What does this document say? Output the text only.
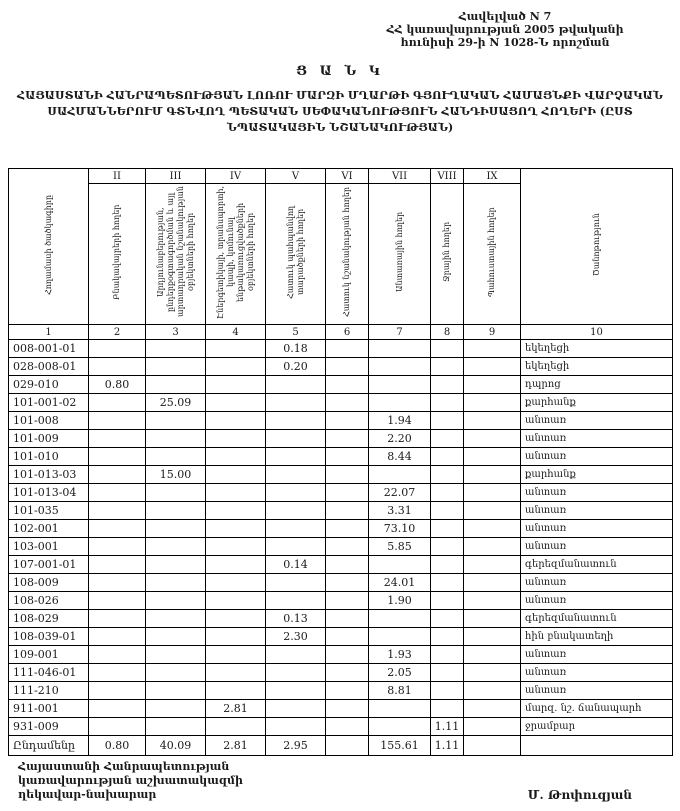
Հավելված N 7
ՀՀ կառավարության 2005 թվականի
հունիսի 29-ի N 1028-Ն որոշման
Ց Ա Ն Կ
ՀԱՅԱՍՏԱՆԻ ՀԱՆՐԱՊԵՏՈՒԹՅԱՆ ԼՈՌՈՒ ՄԱՐԶԻ ՄՂԱՐԹԻ ԳՅՈՒՂԱԿԱՆ ՀԱՄԱՅՆՔԻ ՎԱՐՉԱԿԱՆ
ՍԱՀՄԱՆՆԵՐՈՒՄ ԳՏՆՎՈՂ ՊԵՏԱԿԱՆ ՍԵՓԱԿԱՆՈՒԹՅՈՒՆ ՀԱՆԴԻՍԱՑՈՂ ՀՈՂԵՐԻ (ԸՍՏ
ՆՊԱՏԱԿԱՅԻՆ ՆՇԱՆԱԿՈՒԹՅԱՆ)
Հողամասի ծածկագիրը	II	III	IV	V	VI	VII	VIII	IX	Ծանոթություն
	Բնակավայրերի հողեր	Արդյունաբերության, ընդերքօգտագործման և այլ արտադրական նշանակության օբյեկտների հողեր	Էներգետիկայի, տրանսպորտի, կապի, կոմունալ ենթակառուցվածքների օբյեկտների հողեր	Հատուկ պահպանվող տարածքների հողեր	Հատուկ նշանակության հողեր	Անտառային հողեր	Ջրային հողեր	Պահուստային հողեր	
1	2	3	4	5	6	7	8	9	10
008-001-01				0.18					եկեղեցի
028-008-01				0.20					եկեղեցի
029-010	0.80								դպրոց
101-001-02		25.09							քարհանք
101-008						1.94			անտառ
101-009						2.20			անտառ
101-010						8.44			անտառ
101-013-03		15.00							քարհանք
101-013-04						22.07			անտառ
101-035						3.31			անտառ
102-001						73.10			անտառ
103-001						5.85			անտառ
107-001-01				0.14					գերեզմանատուն
108-009						24.01			անտառ
108-026						1.90			անտառ
108-029				0.13					գերեզմանատուն
108-039-01				2.30					հին բնակատեղի
109-001						1.93			անտառ
111-046-01						2.05			անտառ
111-210						8.81			անտառ
911-001			2.81						մարզ. նշ. ճանապարհ
931-009							1.11		ջրամբար
Ընդամենը	0.80	40.09	2.81	2.95		155.61	1.11		
Հայաստանի Հանրապետության
կառավարության աշխատակազմի
ղեկավար-նախարար	Մ. Թոփուզյան
